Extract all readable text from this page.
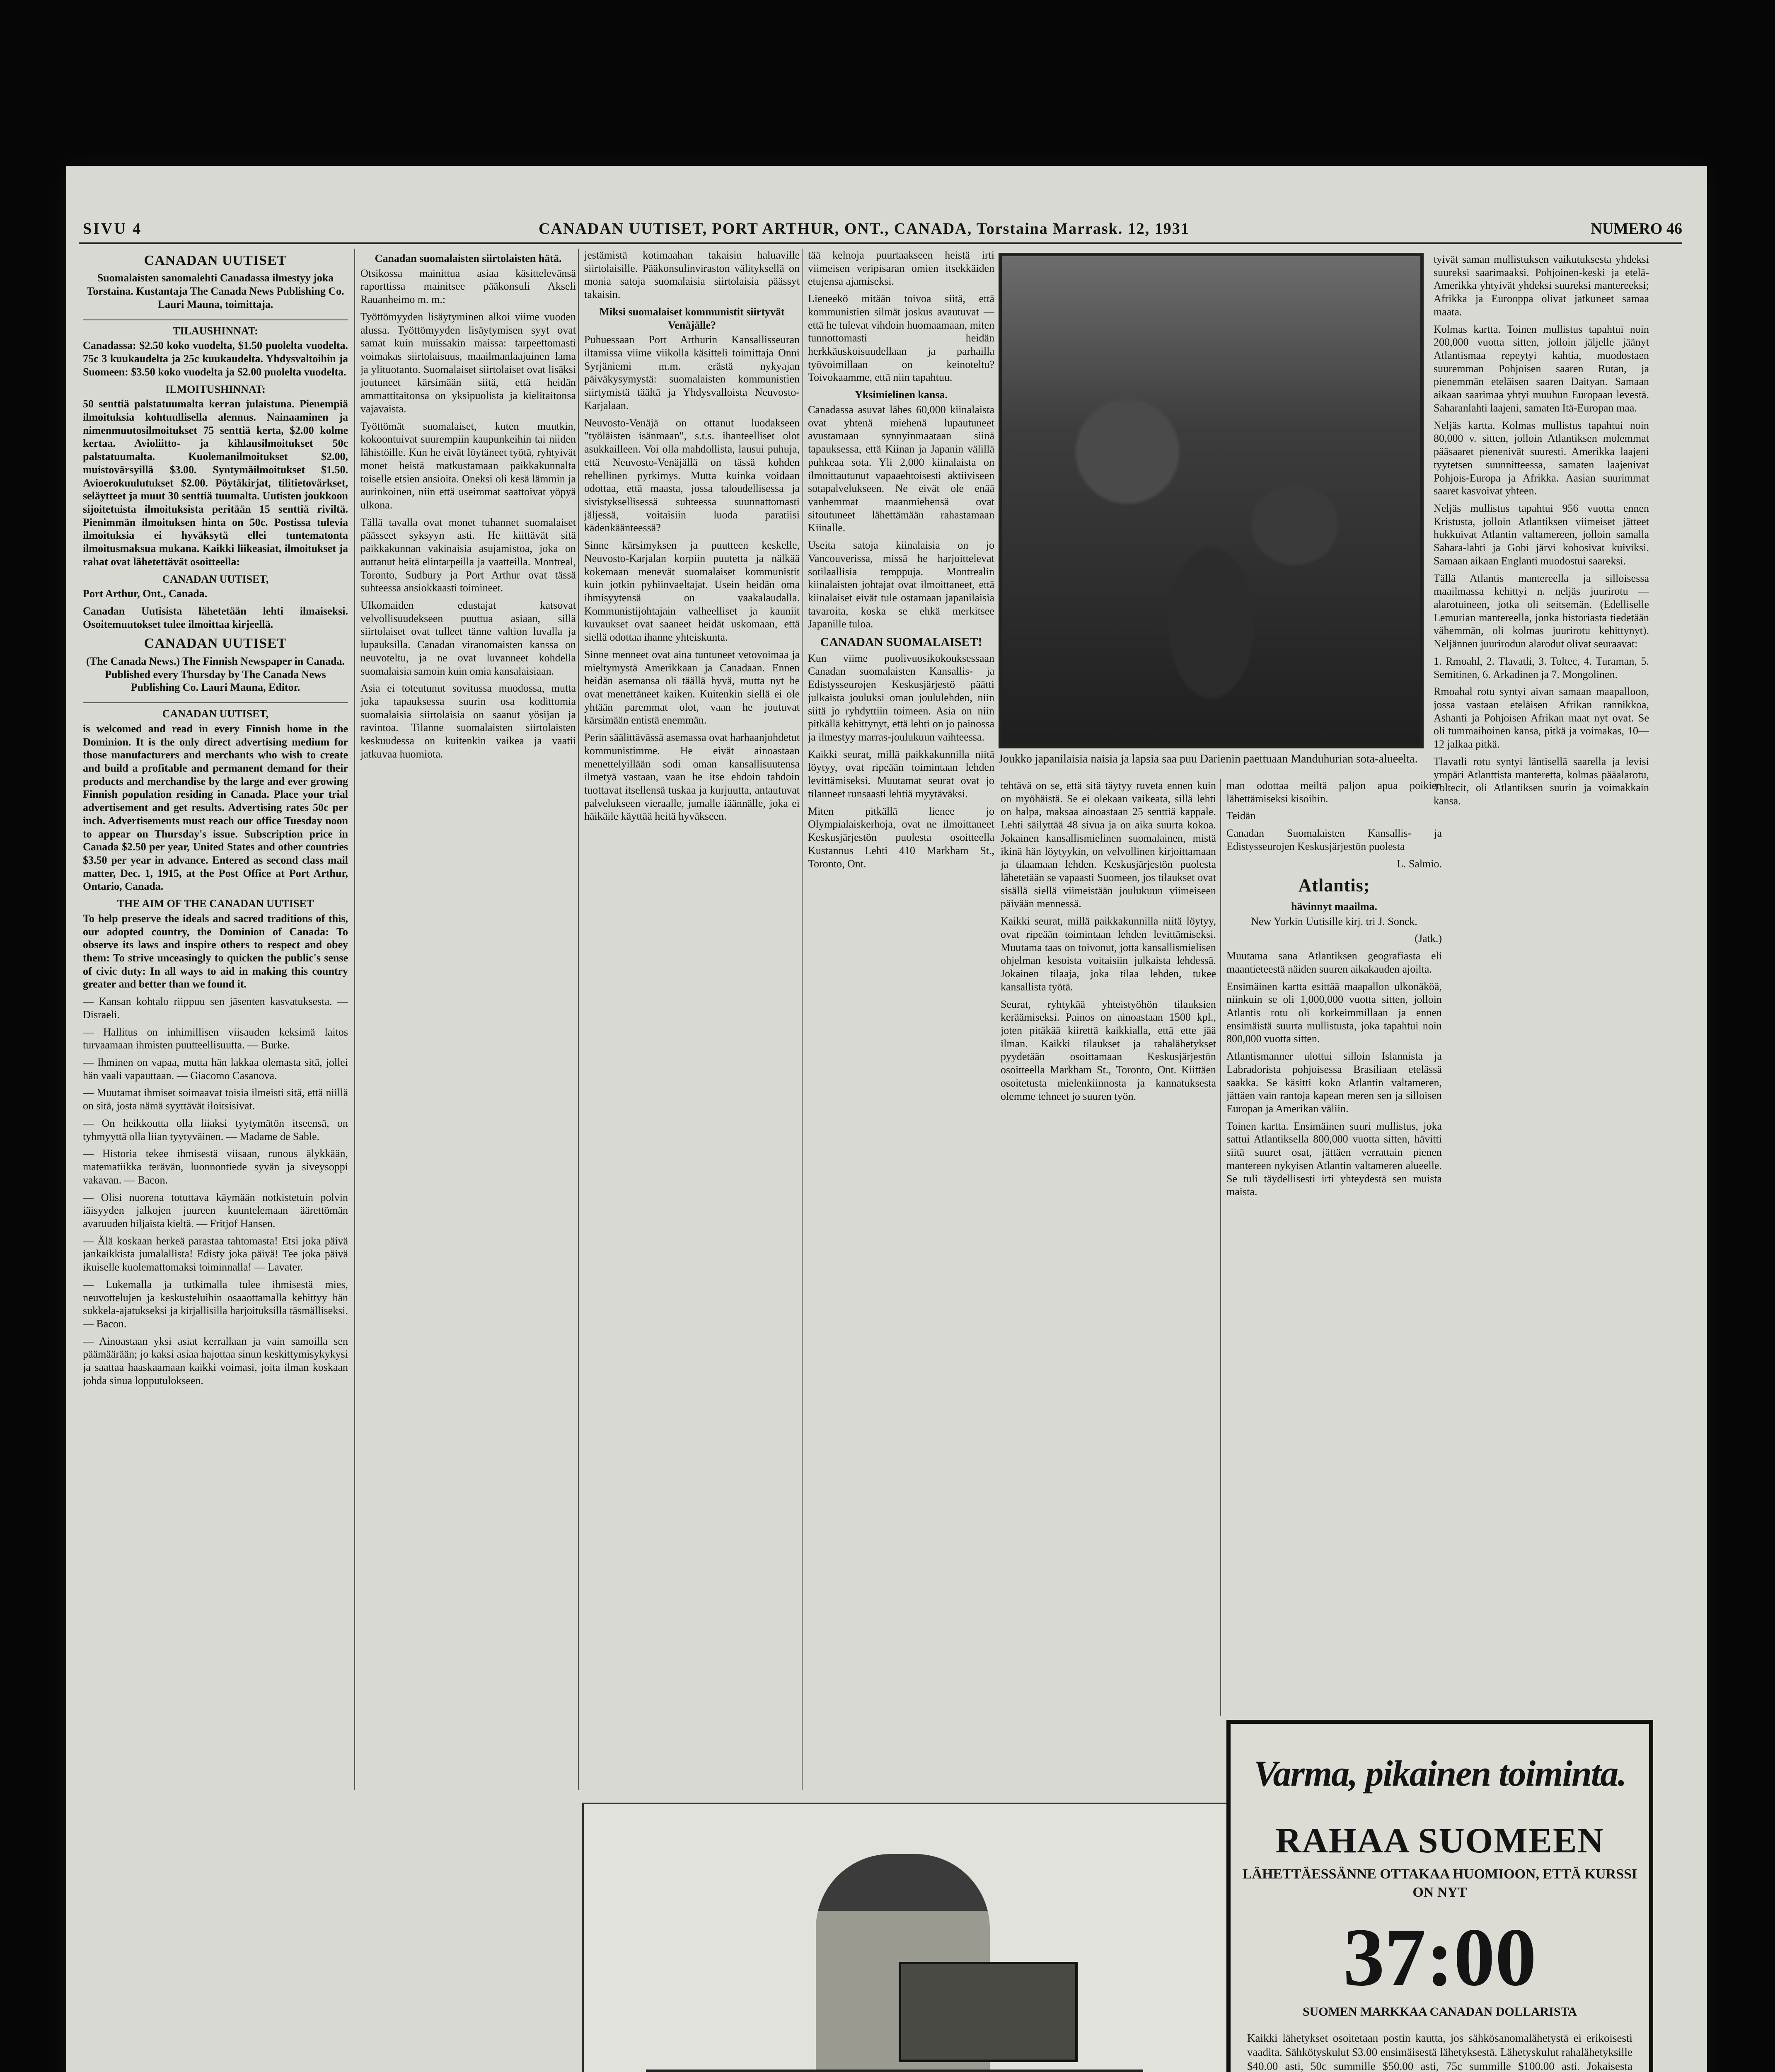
SIVU 4	CANADAN UUTISET, PORT ARTHUR, ONT., CANADA, Torstaina Marrask. 12, 1931	NUMERO 46
CANADAN UUTISET

Suomalaisten sanomalehti Canadassa ilmestyy joka Torstaina. Kustantaja The Canada News Publishing Co. Lauri Mauna, toimittaja.

TILAUSHINNAT:

Canadassa: $2.50 koko vuodelta, $1.50 puolelta vuodelta. 75c 3 kuukaudelta ja 25c kuukaudelta. Yhdysvaltoihin ja Suomeen: $3.50 koko vuodelta ja $2.00 puolelta vuodelta.

ILMOITUSHINNAT:

50 senttiä palstatuumalta kerran julaistuna. Pienempiä ilmoituksia kohtuullisella alennus. Nainaaminen ja nimenmuutosilmoitukset 75 senttiä kerta, $2.00 kolme kertaa. Avioliitto- ja kihlausilmoitukset 50c palstatuumalta. Kuolemanilmoitukset $2.00, muistovärsyillä $3.00. Syntymäilmoitukset $1.50. Avioerokuulutukset $2.00. Pöytäkirjat, tilitietovärkset, seläytteet ja muut 30 senttiä tuumalta. Uutisten joukkoon sijoitetuista ilmoituksista peritään 15 senttiä riviltä. Pienimmän ilmoituksen hinta on 50c. Postissa tulevia ilmoituksia ei hyväksytä ellei tuntematonta ilmoitusmaksua mukana. Kaikki liikeasiat, ilmoitukset ja rahat ovat lähetettävät osoitteella:

CANADAN UUTISET,

Port Arthur, Ont., Canada.

Canadan Uutisista lähetetään lehti ilmaiseksi. Osoitemuutokset tulee ilmoittaa kirjeellä.

CANADAN UUTISET

(The Canada News.) The Finnish Newspaper in Canada. Published every Thursday by The Canada News Publishing Co. Lauri Mauna, Editor.

CANADAN UUTISET,

is welcomed and read in every Finnish home in the Dominion. It is the only direct advertising medium for those manufacturers and merchants who wish to create and build a profitable and permanent demand for their products and merchandise by the large and ever growing Finnish population residing in Canada. Place your trial advertisement and get results. Advertising rates 50c per inch. Advertisements must reach our office Tuesday noon to appear on Thursday's issue. Subscription price in Canada $2.50 per year, United States and other countries $3.50 per year in advance. Entered as second class mail matter, Dec. 1, 1915, at the Post Office at Port Arthur, Ontario, Canada.

THE AIM OF THE CANADAN UUTISET

To help preserve the ideals and sacred traditions of this, our adopted country, the Dominion of Canada: To observe its laws and inspire others to respect and obey them: To strive unceasingly to quicken the public's sense of civic duty: In all ways to aid in making this country greater and better than we found it.

— Kansan kohtalo riippuu sen jäsenten kasvatuksesta. — Disraeli.

— Hallitus on inhimillisen viisauden keksimä laitos turvaamaan ihmisten puutteellisuutta. — Burke.

— Ihminen on vapaa, mutta hän lakkaa olemasta sitä, jollei hän vaali vapauttaan. — Giacomo Casanova.

— Muutamat ihmiset soimaavat toisia ilmeisti sitä, että niillä on sitä, josta nämä syyttävät iloitsisivat.

— On heikkoutta olla liiaksi tyytymätön itseensä, on tyhmyyttä olla liian tyytyväinen. — Madame de Sable.

— Historia tekee ihmisestä viisaan, runous älykkään, matematiikka terävän, luonnontiede syvän ja siveysoppi vakavan. — Bacon.

— Olisi nuorena totuttava käymään notkistetuin polvin iäisyyden jalkojen juureen kuuntelemaan äärettömän avaruuden hiljaista kieltä. — Fritjof Hansen.

— Älä koskaan herkeä parastaa tahtomasta! Etsi joka päivä jankaikkista jumalallista! Edisty joka päivä! Tee joka päivä ikuiselle kuolemattomaksi toiminnalla! — Lavater.

— Lukemalla ja tutkimalla tulee ihmisestä mies, neuvottelujen ja keskusteluihin osaaottamalla kehittyy hän sukkela-ajatukseksi ja kirjallisilla harjoituksilla täsmälliseksi. — Bacon.

— Ainoastaan yksi asiat kerrallaan ja vain samoilla sen päämäärään; jo kaksi asiaa hajottaa sinun keskittymisykykysi ja saattaa haaskaamaan kaikki voimasi, joita ilman koskaan johda sinua lopputulokseen.

Canadan suomalaisten siirtolaisten hätä.

Otsikossa mainittua asiaa käsittelevänsä raporttissa mainitsee pääkonsuli Akseli Rauanheimo m. m.:

Työttömyyden lisäytyminen alkoi viime vuoden alussa. Työttömyyden lisäytymisen syyt ovat samat kuin muissakin maissa: tarpeettomasti voimakas siirtolaisuus, maailmanlaajuinen lama ja ylituotanto. Suomalaiset siirtolaiset ovat lisäksi joutuneet kärsimään siitä, että heidän ammattitaitonsa on yksipuolista ja kielitaitonsa vajavaista.

Työttömät suomalaiset, kuten muutkin, kokoontuivat suurempiin kaupunkeihin tai niiden lähistöille. Kun he eivät löytäneet työtä, ryhtyivät monet heistä matkustamaan paikkakunnalta toiselle etsien ansioita. Oneksi oli kesä lämmin ja aurinkoinen, niin että useimmat saattoivat yöpyä ulkona.

Tällä tavalla ovat monet tuhannet suomalaiset päässeet syksyyn asti. He kiittävät sitä paikkakunnan vakinaisia asujamistoa, joka on auttanut heitä elintarpeilla ja vaatteilla. Montreal, Toronto, Sudbury ja Port Arthur ovat tässä suhteessa ansiokkaasti toimineet.

Ulkomaiden edustajat katsovat velvollisuudekseen puuttua asiaan, sillä siirtolaiset ovat tulleet tänne valtion luvalla ja lupauksilla. Canadan viranomaisten kanssa on neuvoteltu, ja ne ovat luvanneet kohdella suomalaisia samoin kuin omia kansalaisiaan.

Asia ei toteutunut sovitussa muodossa, mutta joka tapauksessa suurin osa kodittomia suomalaisia siirtolaisia on saanut yösijan ja ravintoa. Tilanne suomalaisten siirtolaisten keskuudessa on kuitenkin vaikea ja vaatii jatkuvaa huomiota.

jestämistä kotimaahan takaisin haluaville siirtolaisille. Pääkonsulinviraston välityksellä on monia satoja suomalaisia siirtolaisia päässyt takaisin.

Miksi suomalaiset kommunistit siirtyvät Venäjälle?

Puhuessaan Port Arthurin Kansallisseuran iltamissa viime viikolla käsitteli toimittaja Onni Syrjäniemi m.m. erästä nykyajan päiväkysymystä: suomalaisten kommunistien siirtymistä täältä ja Yhdysvalloista Neuvosto-Karjalaan.

Neuvosto-Venäjä on ottanut luodakseen "työläisten isänmaan", s.t.s. ihanteelliset olot asukkailleen. Voi olla mahdollista, lausui puhuja, että Neuvosto-Venäjällä on tässä kohden rehellinen pyrkimys. Mutta kuinka voidaan odottaa, että maasta, jossa taloudellisessa ja sivistyksellisessä suhteessa suunnattomasti jäljessä, voitaisiin luoda paratiisi kädenkäänteessä?

Sinne kärsimyksen ja puutteen keskelle, Neuvosto-Karjalan korpiin puutetta ja nälkää kokemaan menevät suomalaiset kommunistit kuin jotkin pyhiinvaeltajat. Usein heidän oma ihmisyytensä on vaakalaudalla. Kommunistijohtajain valheelliset ja kauniit kuvaukset ovat saaneet heidät uskomaan, että siellä odottaa ihanne yhteiskunta.

Sinne menneet ovat aina tuntuneet vetovoimaa ja mieltymystä Amerikkaan ja Canadaan. Ennen heidän asemansa oli täällä hyvä, mutta nyt he ovat menettäneet kaiken. Kuitenkin siellä ei ole yhtään paremmat olot, vaan he joutuvat kärsimään entistä enemmän.

Perin säälittävässä asemassa ovat harhaanjohdetut kommunistimme. He eivät ainoastaan menettelyillään sodi oman kansallisuutensa ilmetyä vastaan, vaan he itse ehdoin tahdoin tuottavat itsellensä tuskaa ja kurjuutta, antautuvat palvelukseen vieraalle, jumalle iäännälle, joka ei häikäile käyttää heitä hyväkseen.

tää kelnoja puurtaakseen heistä irti viimeisen veripisaran omien itsekkäiden etujensa ajamiseksi.

Lieneekö mitään toivoa siitä, että kommunistien silmät joskus avautuvat — että he tulevat vihdoin huomaamaan, miten tunnottomasti heidän herkkäuskoisuudellaan ja parhailla työvoimillaan on keinoteltu? Toivokaamme, että niin tapahtuu.

Yksimielinen kansa.

Canadassa asuvat lähes 60,000 kiinalaista ovat yhtenä miehenä lupautuneet avustamaan synnyinmaataan siinä tapauksessa, että Kiinan ja Japanin välillä puhkeaa sota. Yli 2,000 kiinalaista on ilmoittautunut vapaaehtoisesti aktiiviseen sotapalvelukseen. Ne eivät ole enää vanhemmat maanmiehensä ovat sitoutuneet lähettämään rahastamaan Kiinalle.

Useita satoja kiinalaisia on jo Vancouverissa, missä he harjoittelevat sotilaallisia temppuja. Montrealin kiinalaisten johtajat ovat ilmoittaneet, että kiinalaiset eivät tule ostamaan japanilaisia tavaroita, koska se ehkä merkitsee Japanille tuloa.

CANADAN SUOMALAISET!

Kun viime puolivuosikokouksessaan Canadan suomalaisten Kansallis- ja Edistysseurojen Keskusjärjestö päätti julkaista jouluksi oman joululehden, niin siitä jo ryhdyttiin toimeen. Asia on niin pitkällä kehittynyt, että lehti on jo painossa ja ilmestyy marras-joulukuun vaihteessa.

Kaikki seurat, millä paikkakunnilla niitä löytyy, ovat ripeään toimintaan lehden levittämiseksi. Muutamat seurat ovat jo tilanneet runsaasti lehtiä myytäväksi.

Miten pitkällä lienee jo Olympialaiskerhoja, ovat ne ilmoittaneet Keskusjärjestön puolesta osoitteella Kustannus Lehti 410 Markham St., Toronto, Ont.

Joukko japanilaisia naisia ja lapsia saa puu Darienin paettuaan Manduhurian sota-alueelta.

tehtävä on se, että sitä täytyy ruveta ennen kuin on myöhäistä. Se ei olekaan vaikeata, sillä lehti on halpa, maksaa ainoastaan 25 senttiä kappale. Lehti säilyttää 48 sivua ja on aika suurta kokoa. Jokainen kansallismielinen suomalainen, mistä ikinä hän löytyykin, on velvollinen kirjoittamaan ja tilaamaan lehden. Keskusjärjestön puolesta lähetetään se vapaasti Suomeen, jos tilaukset ovat sisällä siellä viimeistään joulukuun viimeiseen päivään mennessä.

Kaikki seurat, millä paikkakunnilla niitä löytyy, ovat ripeään toimintaan lehden levittämiseksi. Muutama taas on toivonut, jotta kansallismielisen ohjelman kesoista voitaisiin julkaista lehdessä. Jokainen tilaaja, joka tilaa lehden, tukee kansallista työtä.

Seurat, ryhtykää yhteistyöhön tilauksien keräämiseksi. Painos on ainoastaan 1500 kpl., joten pitäkää kiirettä kaikkialla, että ette jää ilman. Kaikki tilaukset ja rahalähetykset pyydetään osoittamaan Keskusjärjestön osoitteella Markham St., Toronto, Ont. Kiittäen osoitetusta mielenkiinnosta ja kannatuksesta olemme tehneet jo suuren työn.

man odottaa meiltä paljon apua poikien lähettämiseksi kisoihin.

Teidän

Canadan Suomalaisten Kansallis- ja Edistysseurojen Keskusjärjestön puolesta

L. Salmio.

Atlantis;
hävinnyt maailma.

New Yorkin Uutisille kirj. tri J. Sonck.

(Jatk.)

Muutama sana Atlantiksen geografiasta eli maantieteestä näiden suuren aikakauden ajoilta.

Ensimäinen kartta esittää maapallon ulkonäköä, niinkuin se oli 1,000,000 vuotta sitten, jolloin Atlantis rotu oli korkeimmillaan ja ennen ensimäistä suurta mullistusta, joka tapahtui noin 800,000 vuotta sitten.

Atlantismanner ulottui silloin Islannista ja Labradorista pohjoisessa Brasiliaan etelässä saakka. Se käsitti koko Atlantin valtameren, jättäen vain rantoja kapean meren sen ja silloisen Europan ja Amerikan väliin.

Toinen kartta. Ensimäinen suuri mullistus, joka sattui Atlantiksella 800,000 vuotta sitten, hävitti siitä suuret osat, jättäen verrattain pienen mantereen nykyisen Atlantin valtameren alueelle. Se tuli täydellisesti irti yhteydestä sen muista maista.

tyivät saman mullistuksen vaikutuksesta yhdeksi suureksi saarimaaksi. Pohjoinen-keski ja etelä-Amerikka yhtyivät yhdeksi suureksi mantereeksi; Afrikka ja Eurooppa olivat jatkuneet samaa maata.

Kolmas kartta. Toinen mullistus tapahtui noin 200,000 vuotta sitten, jolloin jäljelle jäänyt Atlantismaa repeytyi kahtia, muodostaen suuremman Pohjoisen saaren Rutan, ja pienemmän eteläisen saaren Daityan. Samaan aikaan saarimaa yhtyi muuhun Europaan levestä. Saharanlahti laajeni, samaten Itä-Europan maa.

Neljäs kartta. Kolmas mullistus tapahtui noin 80,000 v. sitten, jolloin Atlantiksen molemmat pääsaaret pienenivät suuresti. Amerikka laajeni tyytetsen suunnitteessa, samaten laajenivat Pohjois-Europa ja Afrikka. Aasian suurimmat saaret kasvoivat yhteen.

Neljäs mullistus tapahtui 956 vuotta ennen Kristusta, jolloin Atlantiksen viimeiset jätteet hukkuivat Atlantin valtamereen, jolloin samalla Sahara-lahti ja Gobi järvi kohosivat kuiviksi. Samaan aikaan Englanti muodostui saareksi.

Tällä Atlantis mantereella ja silloisessa maailmassa kehittyi n. neljäs juurirotu — alarotuineen, jotka oli seitsemän. (Edelliselle Lemurian mantereella, jonka historiasta tiedetään vähemmän, oli kolmas juurirotu kehittynyt). Neljännen juurirodun alarodut olivat seuraavat:

1. Rmoahl, 2. Tlavatli, 3. Toltec, 4. Turaman, 5. Semitinen, 6. Arkadinen ja 7. Mongolinen.

Rmoahal rotu syntyi aivan samaan maapalloon, jossa vastaan eteläisen Afrikan rannikkoa, Ashanti ja Pohjoisen Afrikan maat nyt ovat. Se oli tummaihoinen kansa, pitkä ja voimakas, 10—12 jalkaa pitkä.

Tlavatli rotu syntyi läntisellä saarella ja levisi ympäri Atlanttista manteretta, kolmas pääalarotu, Toltecit, oli Atlantiksen suurin ja voimakkain kansa.

Varma, pikainen toiminta.
RAHAA SUOMEEN
LÄHETTÄESSÄNNE OTTAKAA HUOMIOON, ETTÄ KURSSI ON NYT
37:00
SUOMEN MARKKAA CANADAN DOLLARISTA
Kaikki lähetykset osoitetaan postin kautta, jos sähkösanomalähetystä ei erikoisesti vaadita. Sähkötyskulut $3.00 ensimäisestä lähetyksestä. Lähetyskulut rahalähetyksille $40.00 asti, 50c summille $50.00 asti, 75c summille $100.00 asti. Jokaisesta
